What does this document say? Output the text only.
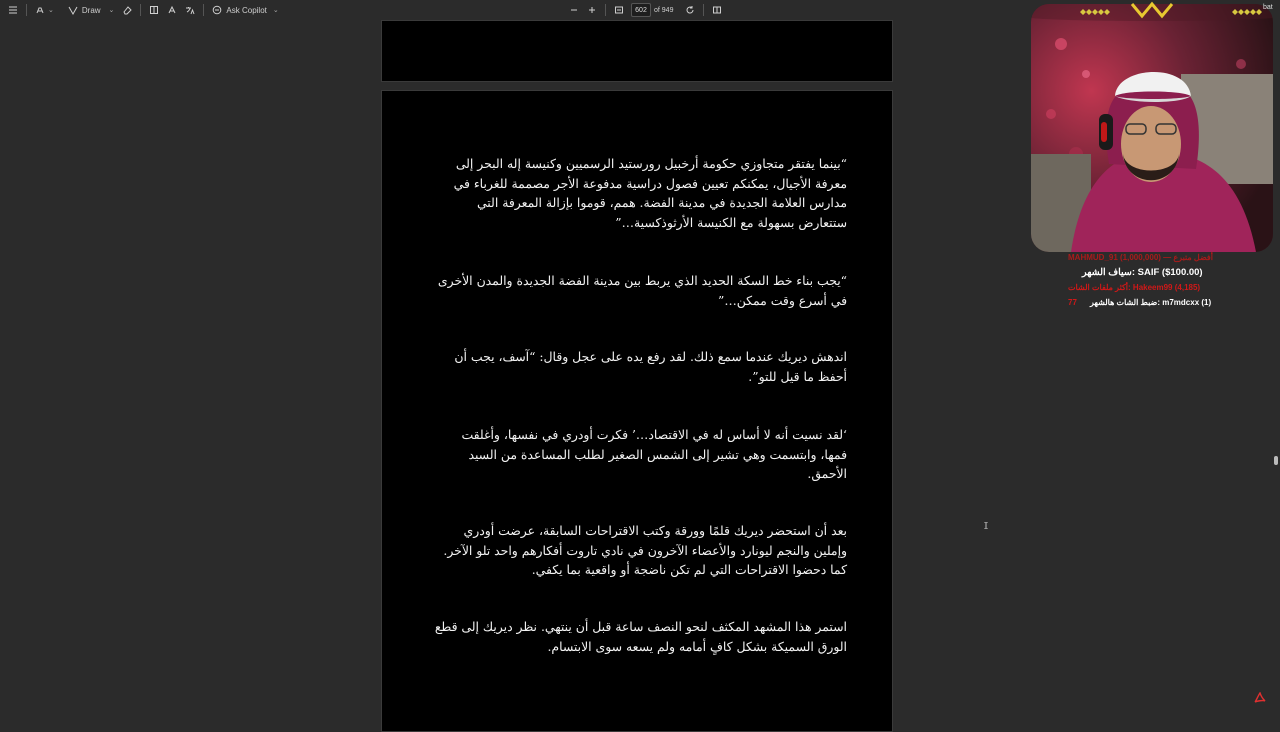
⌄	Draw ⌄	Ask Copilot ⌄	602	of 949

“بينما يفتقر متجاوزي حكومة أرخبيل رورستيد الرسميين وكنيسة إله البحر إلى معرفة الأجيال، يمكنكم تعيين فصول دراسية مدفوعة الأجر مصممة للغرباء في مدارس العلامة الجديدة في مدينة الفضة. همم، قوموا بإزالة المعرفة التي ستتعارض بسهولة مع الكنيسة الأرثوذكسية…”

“يجب بناء خط السكة الحديد الذي يربط بين مدينة الفضة الجديدة والمدن الأخرى في أسرع وقت ممكن…”

اندهش ديريك عندما سمع ذلك. لقد رفع يده على عجل وقال: “آسف، يجب أن أحفظ ما قيل للتو”.

‘لقد نسيت أنه لا أساس له في الاقتصاد…’ فكرت أودري في نفسها، وأغلقت فمها، وابتسمت وهي تشير إلى الشمس الصغير لطلب المساعدة من السيد الأحمق.

بعد أن استحضر ديريك قلمًا وورقة وكتب الاقتراحات السابقة، عرضت أودري وإملين والنجم ليونارد والأعضاء الآخرون في نادي تاروت أفكارهم واحد تلو الآخر. كما دحضوا الاقتراحات التي لم تكن ناضجة أو واقعية بما يكفي.

استمر هذا المشهد المكثف لنحو النصف ساعة قبل أن ينتهي. نظر ديريك إلى قطع الورق السميكة بشكل كافٍ أمامه ولم يسعه سوى الابتسام.

bat
MAHMUD_91 (1,000,000) — أفضل متبرع
سياف الشهر: SAIF ($100.00)
أكثر ملفات الشات: Hakeem99 (4,185)
77 ضبط الشات هالشهر: m7mdcxx (1)
